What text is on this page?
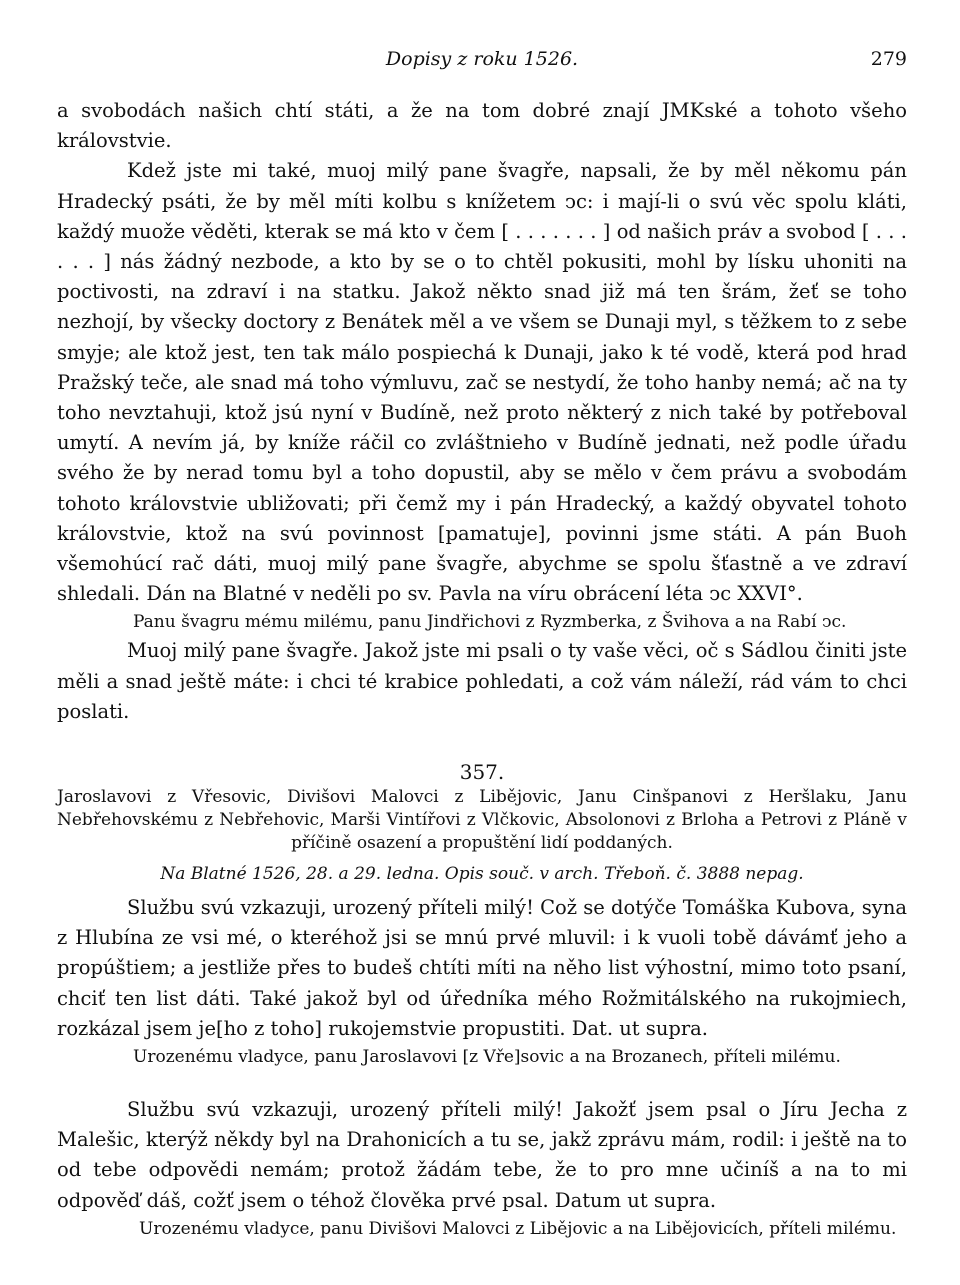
Dopisy z roku 1526.	279

a svobodách našich chtí státi, a že na tom dobré znají JMKské a tohoto všeho královstvie.

Kdež jste mi také, muoj milý pane švagře, napsali, že by měl někomu pán Hradecký psáti, že by měl míti kolbu s knížetem ͻc: i mají-li o svú věc spolu kláti, každý muože věděti, kterak se má kto v čem [ . . . . . . . ] od našich práv a svobod [ . . . . . . ] nás žádný nezbode, a kto by se o to chtěl pokusiti, mohl by lísku uhoniti na poctivosti, na zdraví i na statku. Jakož někto snad již má ten šrám, žeť se toho nezhojí, by všecky doctory z Benátek měl a ve všem se Dunaji myl, s těžkem to z sebe smyje; ale ktož jest, ten tak málo pospiechá k Dunaji, jako k té vodě, která pod hrad Pražský teče, ale snad má toho výmluvu, zač se nestydí, že toho hanby nemá; ač na ty toho nevztahuji, ktož jsú nyní v Budíně, než proto některý z nich také by potřeboval umytí. A nevím já, by kníže ráčil co zvláštnieho v Budíně jednati, než podle úřadu svého že by nerad tomu byl a toho dopustil, aby se mělo v čem právu a svobodám tohoto královstvie ubližovati; při čemž my i pán Hradecký, a každý obyvatel tohoto královstvie, ktož na svú povinnost [pamatuje], povinni jsme státi. A pán Buoh všemohúcí rač dáti, muoj milý pane švagře, abychme se spolu šťastně a ve zdraví shledali. Dán na Blatné v neděli po sv. Pavla na víru obrácení léta ͻc XXVI°.

Panu švagru mému milému, panu Jindřichovi z Ryzmberka, z Švihova a na Rabí ͻc.

Muoj milý pane švagře. Jakož jste mi psali o ty vaše věci, oč s Sádlou činiti jste měli a snad ještě máte: i chci té krabice pohledati, a což vám náleží, rád vám to chci poslati.

357.

Jaroslavovi z Vřesovic, Divišovi Malovci z Libějovic, Janu Cinšpanovi z Heršlaku, Janu Nebřehovskému z Nebřehovic, Marši Vintířovi z Vlčkovic, Absolonovi z Brloha a Petrovi z Pláně v příčině osazení a propuštění lidí poddaných.

Na Blatné 1526, 28. a 29. ledna. Opis souč. v arch. Třeboň. č. 3888 nepag.

Službu svú vzkazuji, urozený příteli milý! Což se dotýče Tomáška Kubova, syna z Hlubína ze vsi mé, o kteréhož jsi se mnú prvé mluvil: i k vuoli tobě dávámť jeho a propúštiem; a jestliže přes to budeš chtíti míti na něho list výhostní, mimo toto psaní, chciť ten list dáti. Také jakož byl od úředníka mého Rožmitálského na rukojmiech, rozkázal jsem je[ho z toho] rukojemstvie propustiti. Dat. ut supra.

Urozenému vladyce, panu Jaroslavovi [z Vře]sovic a na Brozanech, příteli milému.

Službu svú vzkazuji, urozený příteli milý! Jakožť jsem psal o Jíru Jecha z Malešic, kterýž někdy byl na Drahonicích a tu se, jakž zprávu mám, rodil: i ještě na to od tebe odpovědi nemám; protož žádám tebe, že to pro mne učiníš a na to mi odpověď dáš, cožť jsem o téhož člověka prvé psal. Datum ut supra.

Urozenému vladyce, panu Divišovi Malovci z Libějovic a na Libějovicích, příteli milému.
